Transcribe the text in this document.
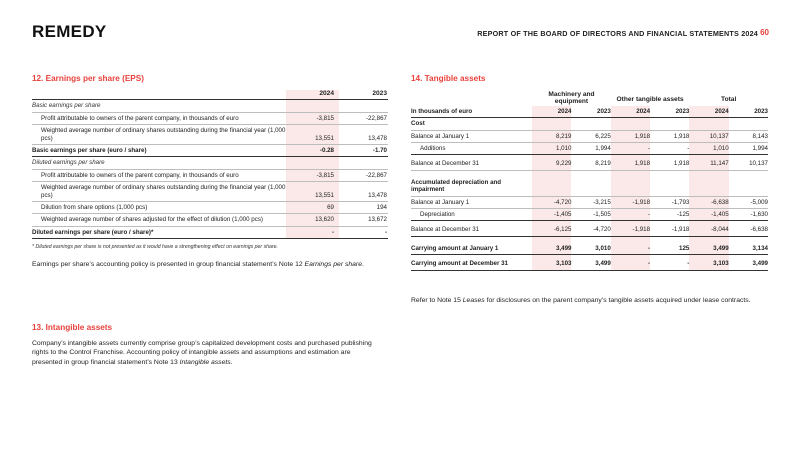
REMEDY	REPORT OF THE BOARD OF DIRECTORS AND FINANCIAL STATEMENTS 2024 60
12. Earnings per share (EPS)
	2024	2023
Basic earnings per share		
Profit attributable to owners of the parent company, in thousands of euro	-3,815	-22,867
Weighted average number of ordinary shares outstanding during the financial year (1,000 pcs)	13,551	13,478
Basic earnings per share (euro / share)	-0.28	-1.70
Diluted earnings per share		
Profit attributable to owners of the parent company, in thousands of euro	-3,815	-22,867
Weighted average number of ordinary shares outstanding during the financial year (1,000 pcs)	13,551	13,478
Dilution from share options (1,000 pcs)	69	194
Weighted average number of shares adjusted for the effect of dilution (1,000 pcs)	13,620	13,672
Diluted earnings per share (euro / share)*	-	-
* Diluted earnings per share is not presented as it would have a strengthening effect on earnings per share.

Earnings per share’s accounting policy is presented in group financial statement’s Note 12 Earnings per share.

13. Intangible assets

Company’s intangible assets currently comprise group’s capitalized development costs and purchased publishing rights to the Control Franchise. Accounting policy of intangible assets and assumptions and estimation are presented in group financial statement’s Note 13 Intangible assets.

14. Tangible assets
	Machinery and equipment		Other tangible assets		Total	
In thousands of euro	2024	2023	2024	2023	2024	2023
Cost						
Balance at January 1	8,219	6,225	1,918	1,918	10,137	8,143
Additions	1,010	1,994	-	-	1,010	1,994
Balance at December 31	9,229	8,219	1,918	1,918	11,147	10,137
Accumulated depreciation and impairment						
Balance at January 1	-4,720	-3,215	-1,918	-1,793	-6,638	-5,009
Depreciation	-1,405	-1,505	-	-125	-1,405	-1,630
Balance at December 31	-6,125	-4,720	-1,918	-1,918	-8,044	-6,638
Carrying amount at January 1	3,499	3,010	-	125	3,499	3,134
Carrying amount at December 31	3,103	3,499	-	-	3,103	3,499

Refer to Note 15 Leases for disclosures on the parent company’s tangible assets acquired under lease contracts.
